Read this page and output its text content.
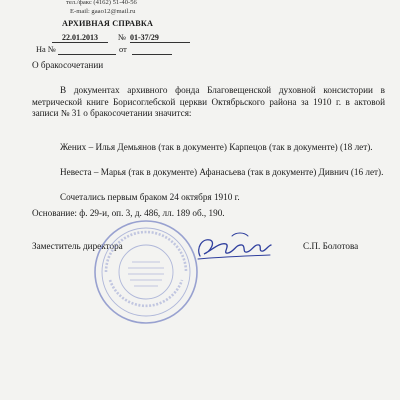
тел./факс (4162) 51-40-56
E-mail: gaao12@mail.ru
АРХИВНАЯ СПРАВКА
22.01.2013	№ 01-37/29
На №	от
О бракосочетании
В документах архивного фонда Благовещенской духовной консистории в метрической книге Борисоглебской церкви Октябрьского района за 1910 г. в актовой записи № 31 о бракосочетании значится:
Жених – Илья Демьянов (так в документе) Карпецов (так в документе) (18 лет).
Невеста – Марья (так в документе) Афанасьева (так в документе) Дивнич (16 лет).
Сочетались первым браком 24 октября 1910 г.
Основание: ф. 29-и, оп. 3, д. 486, лл. 189 об., 190.
Заместитель директора	С.П. Болотова
